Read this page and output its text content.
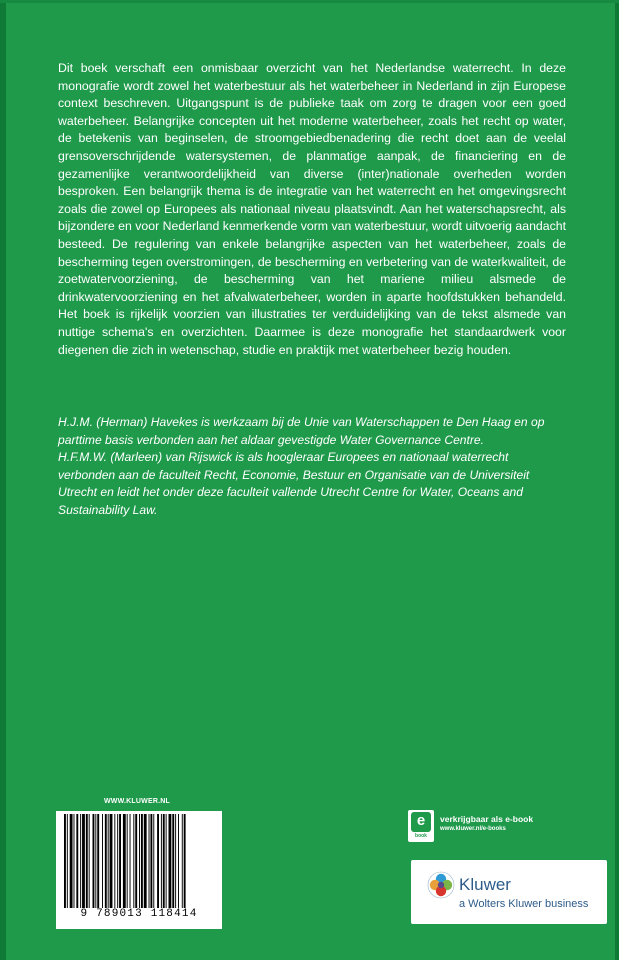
Dit boek verschaft een onmisbaar overzicht van het Nederlandse waterrecht. In deze monografie wordt zowel het waterbestuur als het waterbeheer in Nederland in zijn Europese context beschreven. Uitgangspunt is de publieke taak om zorg te dragen voor een goed waterbeheer. Belangrijke concepten uit het moderne waterbeheer, zoals het recht op water, de betekenis van beginselen, de stroomgebiedbenadering die recht doet aan de veelal grensoverschrijdende watersystemen, de planmatige aanpak, de financiering en de gezamenlijke verantwoordelijkheid van diverse (inter)nationale overheden worden besproken. Een belangrijk thema is de integratie van het waterrecht en het omgevingsrecht zoals die zowel op Europees als nationaal niveau plaatsvindt. Aan het waterschapsrecht, als bijzondere en voor Nederland kenmerkende vorm van waterbestuur, wordt uitvoerig aandacht besteed. De regulering van enkele belangrijke aspecten van het waterbeheer, zoals de bescherming tegen overstromingen, de bescherming en verbetering van de waterkwaliteit, de zoetwatervoorziening, de bescherming van het mariene milieu alsmede de drinkwatervoorziening en het afvalwaterbeheer, worden in aparte hoofdstukken behandeld. Het boek is rijkelijk voorzien van illustraties ter verduidelijking van de tekst alsmede van nuttige schema's en overzichten. Daarmee is deze monografie het standaardwerk voor diegenen die zich in wetenschap, studie en praktijk met waterbeheer bezig houden.

H.J.M. (Herman) Havekes is werkzaam bij de Unie van Waterschappen te Den Haag en op parttime basis verbonden aan het aldaar gevestigde Water Governance Centre.

H.F.M.W. (Marleen) van Rijswick is als hoogleraar Europees en nationaal waterrecht verbonden aan de faculteit Recht, Economie, Bestuur en Organisatie van de Universiteit Utrecht en leidt het onder deze faculteit vallende Utrecht Centre for Water, Oceans and Sustainability Law.

WWW.KLUWER.NL
9 789013 118414
e
book
verkrijgbaar als e-book
www.kluwer.nl/e-books
Kluwer
a Wolters Kluwer business
